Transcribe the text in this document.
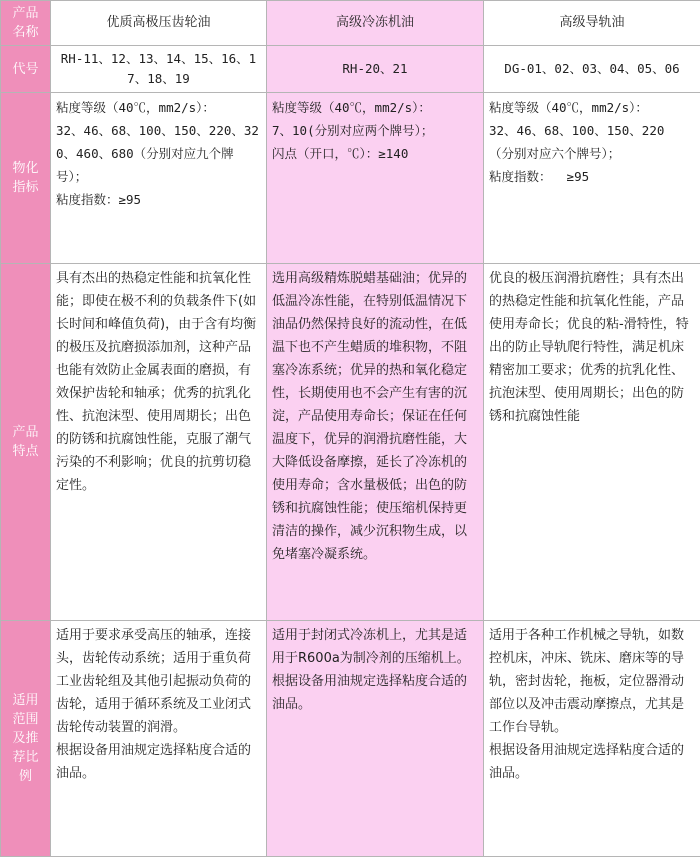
产品
名称	优质高极压齿轮油	高级冷冻机油	高级导轨油
代号	RH-11、12、13、14、15、16、17、18、19	RH-20、21	DG-01、02、03、04、05、06
物化
指标	粘度等级（40℃，mm2/s）：
32、46、68、100、150、220、320、460、680（分别对应九个牌号）；
粘度指数：≥95	粘度等级（40℃，mm2/s）：
7、10(分别对应两个牌号）；
闪点（开口，℃）：≥140	粘度等级（40℃，mm2/s）：
32、46、68、100、150、220
（分别对应六个牌号）；
粘度指数：  ≥95
产品
特点	具有杰出的热稳定性能和抗氧化性能；即使在极不利的负载条件下(如长时间和峰值负荷)，由于含有均衡的极压及抗磨损添加剂，这种产品也能有效防止金属表面的磨损，有效保护齿轮和轴承；优秀的抗乳化性、抗泡沫型、使用周期长；出色的防锈和抗腐蚀性能，克服了潮气污染的不利影响；优良的抗剪切稳定性。	选用高级精炼脱蜡基础油；优异的低温冷冻性能，在特别低温情况下油品仍然保持良好的流动性，在低温下也不产生蜡质的堆积物，不阻塞冷冻系统；优异的热和氧化稳定性，长期使用也不会产生有害的沉淀，产品使用寿命长；保证在任何温度下，优异的润滑抗磨性能，大大降低设备摩擦，延长了冷冻机的使用寿命；含水量极低；出色的防锈和抗腐蚀性能；使压缩机保持更清洁的操作，减少沉积物生成，以免堵塞冷凝系统。	优良的极压润滑抗磨性；具有杰出的热稳定性能和抗氧化性能，产品使用寿命长；优良的粘-滑特性，特出的防止导轨爬行特性，满足机床精密加工要求；优秀的抗乳化性、抗泡沫型、使用周期长；出色的防锈和抗腐蚀性能
适用
范围
及推
荐比
例	适用于要求承受高压的轴承，连接头，齿轮传动系统；适用于重负荷工业齿轮组及其他引起振动负荷的齿轮，适用于循环系统及工业闭式齿轮传动装置的润滑。
根据设备用油规定选择粘度合适的油品。	适用于封闭式冷冻机上，尤其是适用于R600a为制冷剂的压缩机上。
根据设备用油规定选择粘度合适的油品。	适用于各种工作机械之导轨，如数控机床，冲床、铣床、磨床等的导轨，密封齿轮，拖板，定位器滑动部位以及冲击震动摩擦点，尤其是工作台导轨。
根据设备用油规定选择粘度合适的油品。
